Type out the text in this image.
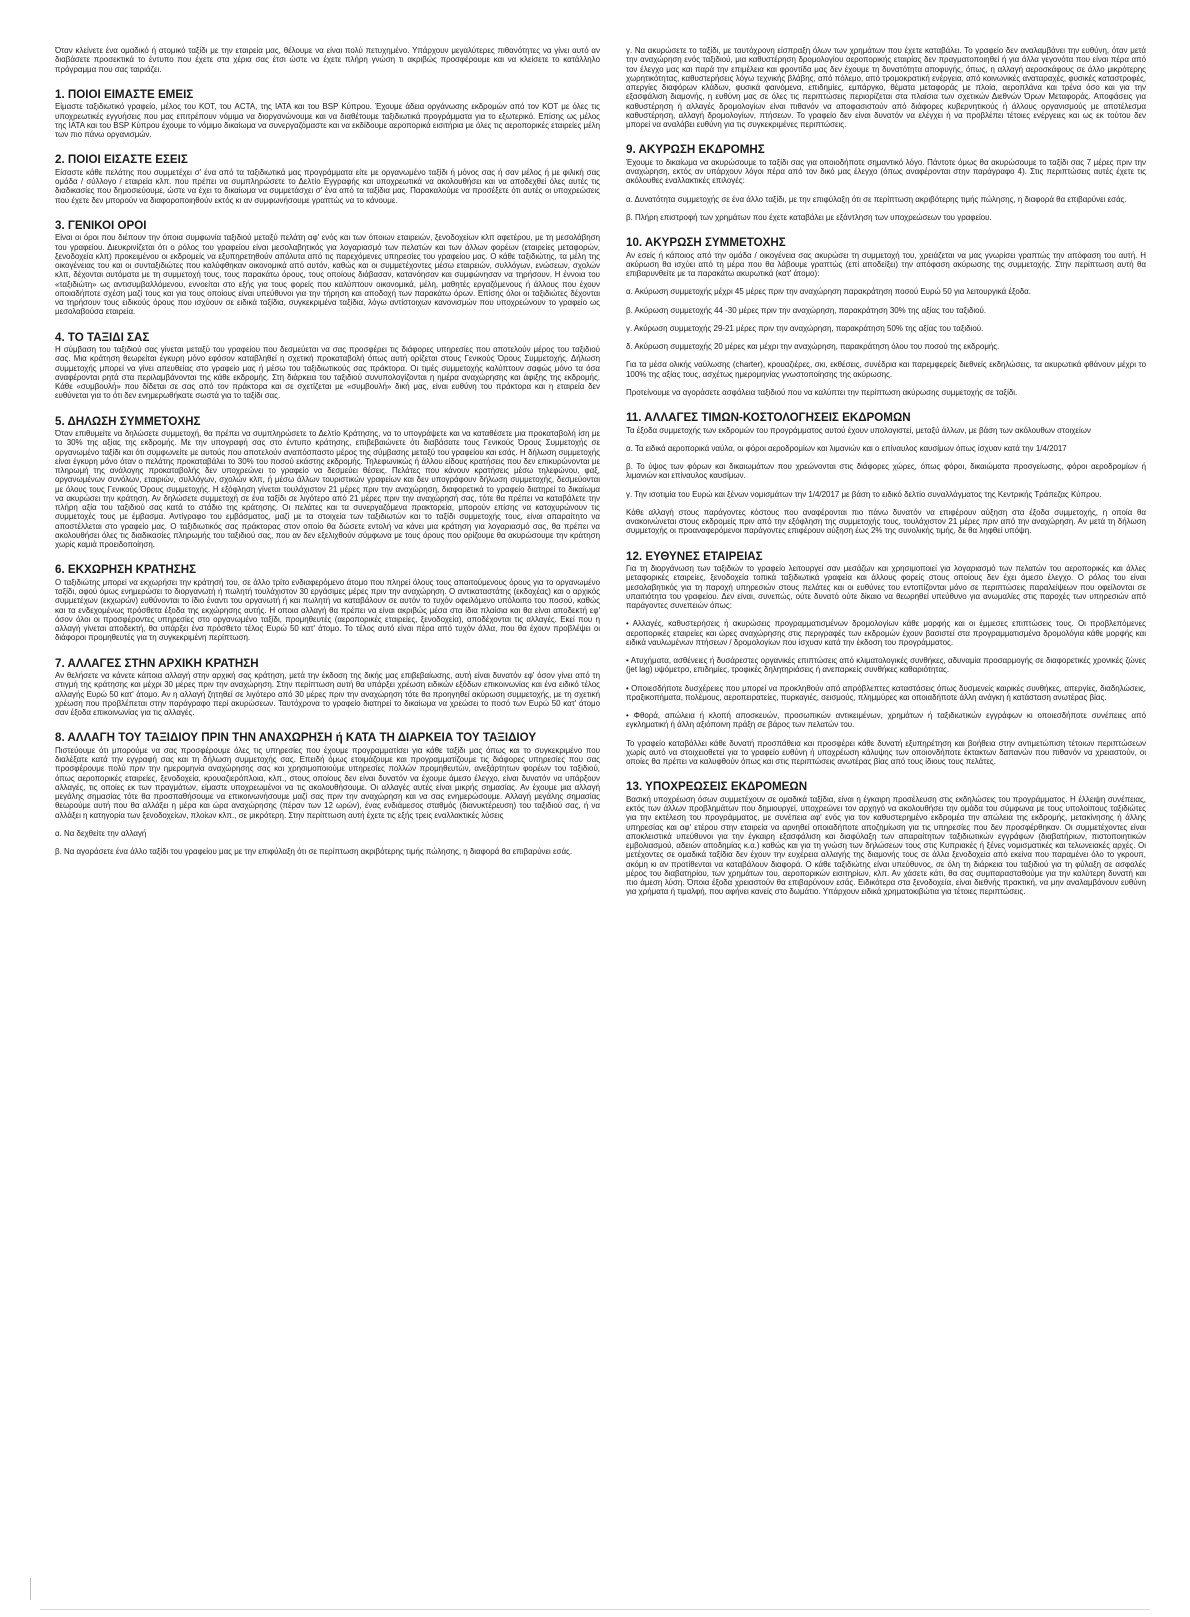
Όταν κλείνετε ένα ομαδικό ή ατομικό ταξίδι με την εταιρεία μας, θέλουμε να είναι πολύ πετυχημένο. Υπάρχουν μεγαλύτερες πιθανότητες να γίνει αυτό αν διαβάσετε προσεκτικά το έντυπο που έχετε στα χέρια σας έτσι ώστε να έχετε πλήρη γνώση τι ακριβώς προσφέρουμε και να κλείσετε το κατάλληλο πρόγραμμα που σας ταιριάζει.
1. ΠΟΙΟΙ ΕΙΜΑΣΤΕ ΕΜΕΙΣ
Είμαστε ταξιδιωτικό γραφείο, μέλος του ΚΟΤ, του ACTA, της IATA και του BSP Κύπρου. Έχουμε άδεια οργάνωσης εκδρομών από τον ΚΟΤ με όλες τις υποχρεωτικές εγγυήσεις που μας επιτρέπουν νόμιμα να διοργανώνουμε και να διαθέτουμε ταξιδιωτικά προγράμματα για το εξωτερικό. Επίσης ως μέλος της IATA και του BSP Κύπρου έχουμε το νόμιμο δικαίωμα να συνεργαζόμαστε και να εκδίδουμε αεροπορικά εισιτήρια με όλες τις αεροπορικές εταιρείες μέλη των πιο πάνω οργανισμών.
2. ΠΟΙΟΙ ΕΙΣΑΣΤΕ ΕΣΕΙΣ
Είσαστε κάθε πελάτης που συμμετέχει σ' ένα από τα ταξιδιωτικά μας προγράμματα είτε με οργανωμένο ταξίδι ή μόνος σας ή σαν μέλος ή με φιλική σας ομάδα / σύλλογο / εταιρεία κλπ. που πρέπει να συμπληρώσετε το Δελτίο Εγγραφής και υποχρεωτικά να ακολουθήσει και να αποδεχθεί όλες αυτές τις διαδικασίες που δημοσιεύουμε, ώστε να έχει το δικαίωμα να συμμετάσχει σ' ένα από τα ταξίδια μας. Παρακαλούμε να προσέξετε ότι αυτές οι υποχρεώσεις που έχετε δεν μπορούν να διαφοροποιηθούν εκτός κι αν συμφωνήσουμε γραπτώς να το κάνουμε.
3. ΓΕΝΙΚΟΙ ΟΡΟΙ
Είναι οι όροι που διέπουν την όποια συμφωνία ταξιδιού μεταξύ πελάτη αφ' ενός και των όποιων εταιρειών, ξενοδοχείων κλπ αφετέρου, με τη μεσολάβηση του γραφείου. Διευκρινίζεται ότι ο ρόλος του γραφείου είναι μεσολαβητικός για λογαριασμό των πελατών και των άλλων φορέων (εταιρείες μεταφορών, ξενοδοχεία κλπ) προκειμένου οι εκδρομείς να εξυπηρετηθούν απόλυτα από τις παρεχόμενες υπηρεσίες του γραφείου μας. Ο κάθε ταξιδιώτης, τα μέλη της οικογένειας του και οι συνταξιδιώτες που καλύφθηκαν οικονομικά από αυτόν, καθώς και οι συμμετέχοντες μέσω εταιρειών, συλλόγων, ενώσεων, σχολών κλπ, δέχονται αυτόματα με τη συμμετοχή τους, τους παρακάτω όρους, τους οποίους διάβασαν, κατανόησαν και συμφώνησαν να τηρήσουν. Η έννοια του «ταξιδιώτη» ως αντισυμβαλλόμενου, εννοείται στο εξής για τους φορείς που καλύπτουν οικονομικά, μέλη, μαθητές εργαζόμενους ή άλλους που έχουν οποιαδήποτε σχέση μαζί τους και για τους οποίους είναι υπεύθυνοι για την τήρηση και αποδοχή των παρακάτω όρων. Επίσης όλοι οι ταξιδιώτες δέχονται να τηρήσουν τους ειδικούς όρους που ισχύουν σε ειδικά ταξίδια, συγκεκριμένα ταξίδια, λόγω αντίστοιχων κανονισμών που υποχρεώνουν το γραφείο ως μεσολαβούσα εταιρεία.
4. ΤΟ ΤΑΞΙΔΙ ΣΑΣ
Η σύμβαση του ταξιδιού σας γίνεται μεταξύ του γραφείου που δεσμεύεται να σας προσφέρει τις διάφορες υπηρεσίες που αποτελούν μέρος του ταξιδιού σας. Μια κράτηση θεωρείται έγκυρη μόνο εφόσον καταβληθεί η σχετική προκαταβολή όπως αυτή ορίζεται στους Γενικούς Όρους Συμμετοχής. Δήλωση συμμετοχής μπορεί να γίνει απευθείας στο γραφείο μας ή μέσω του ταξιδιωτικούς σας πράκτορα. Οι τιμές συμμετοχής καλύπτουν σαφώς μόνο τα όσα αναφέρονται ρητά στα περιλαμβάνονται της κάθε εκδρομής. Στη διάρκεια του ταξιδιού συνυπολογίζονται η ημέρα αναχώρησης και άφιξης της εκδρομής. Κάθε «συμβουλή» που δίδεται σε σας από τον πράκτορα και σε σχετίζεται με «συμβουλή» δική μας, είναι ευθύνη του πράκτορα και η εταιρεία δεν ευθύνεται για το ότι δεν ενημερωθήκατε σωστά για το ταξίδι σας.
5. ΔΗΛΩΣΗ ΣΥΜΜΕΤΟΧΗΣ
Όταν επιθυμείτε να δηλώσετε συμμετοχή, θα πρέπει να συμπληρώσετε το Δελτίο Κράτησης, να το υπογράψετε και να καταθέσετε μια προκαταβολή ίση με το 30% της αξίας της εκδρομής. Με την υπογραφή σας στο έντυπο κράτησης, επιβεβαιώνετε ότι διαβάσατε τους Γενικούς Όρους Συμμετοχής σε οργανωμένο ταξίδι και ότι συμφωνείτε με αυτούς που αποτελούν αναπόσπαστο μέρος της σύμβασης μεταξύ του γραφείου και εσάς. Η δήλωση συμμετοχής είναι έγκυρη μόνο όταν ο πελάτης προκαταβάλει το 30% του ποσού εκάστης εκδρομής. Τηλεφωνικώς ή άλλου είδους κρατήσεις που δεν επικυρώνονται με πληρωμή της ανάλογης προκαταβολής δεν υποχρεώνει το γραφείο να δεσμεύει θέσεις. Πελάτες που κάνουν κρατήσεις μέσω τηλεφώνου, φαξ, οργανωμένων συνόλων, εταιριών, συλλόγων, σχολών κλπ, ή μέσω άλλων τουριστικών γραφείων και δεν υπογράφουν δήλωση συμμετοχής, δεσμεύονται με όλους τους Γενικούς Όρους συμμετοχής. Η εξόφληση γίνεται τουλάχιστον 21 μέρες πριν την αναχώρηση, διαφορετικά το γραφείο διατηρεί το δικαίωμα να ακυρώσει την κράτηση. Αν δηλώσετε συμμετοχή σε ένα ταξίδι σε λιγότερο από 21 μέρες πριν την αναχώρησή σας, τότε θα πρέπει να καταβάλετε την πλήρη αξία του ταξιδιού σας κατά το στάδιο της κράτησης. Οι πελάτες και τα συνεργαζόμενα πρακτορεία, μπορούν επίσης να κατοχυρώνουν τις συμμετοχές τους με έμβασμα. Αντίγραφο του εμβάσματος, μαζί με τα στοιχεία των ταξιδιωτών και το ταξίδι συμμετοχής τους, είναι απαραίτητο να αποστέλλεται στο γραφείο μας. Ο ταξιδιωτικός σας πράκτορας στον οποίο θα δώσετε εντολή να κάνει μια κράτηση για λογαριασμό σας, θα πρέπει να ακολουθήσει όλες τις διαδικασίες πληρωμής του ταξιδιού σας, που αν δεν εξελιχθούν σύμφωνα με τους όρους που ορίζουμε θα ακυρώσουμε την κράτηση χωρίς καμιά προειδοποίηση.
6. ΕΚΧΩΡΗΣΗ ΚΡΑΤΗΣΗΣ
Ο ταξιδιώτης μπορεί να εκχωρήσει την κράτησή του, σε άλλο τρίτο ενδιαφερόμενο άτομο που πληρεί όλους τους απαιτούμενους όρους για το οργανωμένο ταξίδι, αφού όμως ενημερώσει το διοργανωτή ή πωλητή τουλάχιστον 30 εργάσιμες μέρες πριν την αναχώρηση. Ο αντικαταστάτης (εκδοχέας) και ο αρχικός συμμετέχων (εκχωρών) ευθύνονται το ίδιο έναντι του οργανωτή ή και πωλητή να καταβάλουν σε αυτόν το τυχόν οφειλόμενο υπόλοιπο του ποσού, καθώς και τα ενδεχομένως πρόσθετα έξοδα της εκχώρησης αυτής. Η οποια αλλαγή θα πρέπει να είναι ακριβώς μέσα στα ίδια πλαίσια και θα είναι αποδεκτή εφ' όσον όλοι οι προσφέροντες υπηρεσίες στο οργανωμένο ταξίδι, προμηθευτές (αεροπορικές εταιρείες, ξενοδοχεία), αποδέχονται τις αλλαγές. Εκεί που η αλλαγή γίνεται αποδεκτή, θα υπάρξει ένα πρόσθετο τέλος Ευρώ 50 κατ' άτομο. Το τέλος αυτό είναι πέρα από τυχόν άλλα, που θα έχουν προβλέψει οι διάφοροι προμηθευτές για τη συγκεκριμένη περίπτωση.
7. ΑΛΛΑΓΕΣ ΣΤΗΝ ΑΡΧΙΚΗ ΚΡΑΤΗΣΗ
Αν θελήσετε να κάνετε κάποια αλλαγή στην αρχική σας κράτηση, μετά την έκδοση της δικής μας επιβεβαίωσης, αυτή είναι δυνατόν εφ' όσον γίνει από τη στιγμή της κράτησης και μέχρι 30 μέρες πριν την αναχώρηση. Στην περίπτωση αυτή θα υπάρξει χρέωση ειδικών εξόδων επικοινωνίας και ένα ειδικό τέλος αλλαγής Ευρώ 50 κατ' άτομο. Αν η αλλαγή ζητηθεί σε λιγότερο από 30 μέρες πριν την αναχώρηση τότε θα προηγηθεί ακύρωση συμμετοχής, με τη σχετική χρέωση που προβλέπεται στην παράγραφο περί ακυρώσεων. Ταυτόχρονα το γραφείο διατηρεί το δικαίωμα να χρεώσει το ποσό των Ευρώ 50 κατ' άτομο σαν έξοδα επικοινωνίας για τις αλλαγές.
8. ΑΛΛΑΓΗ ΤΟΥ ΤΑΞΙΔΙΟΥ ΠΡΙΝ ΤΗΝ ΑΝΑΧΩΡΗΣΗ ή ΚΑΤΑ ΤΗ ΔΙΑΡΚΕΙΑ ΤΟΥ ΤΑΞΙΔΙΟΥ
Πιστεύουμε ότι μπορούμε να σας προσφέρουμε όλες τις υπηρεσίες που έχουμε προγραμματίσει για κάθε ταξίδι μας όπως και το συγκεκριμένο που διαλέξατε κατά την εγγραφή σας και τη δήλωση συμμετοχής σας. Επειδή όμως ετοιμάζουμε και προγραμματίζουμε τις διάφορες υπηρεσίες που σας προσφέρουμε πολύ πριν την ημερομηνία αναχώρησης σας και χρησιμοποιούμε υπηρεσίες πολλών προμηθευτών, ανεξάρτητων φορέων του ταξιδιού, όπως αεροπορικές εταιρείες, ξενοδοχεία, κρουαζιερόπλοια, κλπ., στους οποίους δεν είναι δυνατόν να έχουμε άμεσο έλεγχο, είναι δυνατόν να υπάρξουν αλλαγές, τις οποίες εκ των πραγμάτων, είμαστε υποχρεωμένοι να τις ακολουθήσουμε. Οι αλλαγές αυτές είναι μικρής σημασίας. Αν έχουμε μια αλλαγή μεγάλης σημασίας τότε θα προσπαθήσουμε να επικοινωνήσουμε μαζί σας πριν την αναχώρηση και να σας ενημερώσουμε. Αλλαγή μεγάλης σημασίας θεωρούμε αυτή που θα αλλάξει η μέρα και ώρα αναχώρησης (πέραν των 12 ωρών), ένας ενδιάμεσος σταθμός (διανυκτέρευση) του ταξιδιού σας, ή να αλλάξει η κατηγορία των ξενοδοχείων, πλοίων κλπ., σε μικρότερη. Στην περίπτωση αυτή έχετε τις εξής τρεις εναλλακτικές λύσεις
α. Να δεχθείτε την αλλαγή
β. Να αγοράσετε ένα άλλο ταξίδι του γραφείου μας με την επιφύλαξη ότι σε περίπτωση ακριβότερης τιμής πώλησης, η διαφορά θα επιβαρύνει εσάς.
γ. Να ακυρώσετε το ταξίδι, με ταυτόχρονη είσπραξη όλων των χρημάτων που έχετε καταβάλει. Το γραφείο δεν αναλαμβάνει την ευθύνη, όταν μετά την αναχώρηση ενός ταξιδιού, μια καθυστέρηση δρομολογίου αεροπορικής εταιρίας δεν πραγματοποιηθεί ή για άλλα γεγονότα που είναι πέρα από τον έλεγχο μας και παρά την επιμέλεια και φροντίδα μας δεν έχουμε τη δυνατότητα αποφυγής, όπως, η αλλαγή αεροσκάφους σε άλλο μικρότερης χωρητικότητας, καθυστερήσεις λόγω τεχνικής βλάβης, από πόλεμο, από τρομοκρατική ενέργεια, από κοινωνικές αναταραχές, φυσικές καταστροφές, απεργίες διαφόρων κλάδων, φυσικά φαινόμενα, επιδημίες, εμπάργκο, θέματα μεταφοράς με πλοία, αεροπλάνα και τρένα όσο και για την εξασφάλιση διαμονής, η ευθύνη μας σε όλες τις περιπτώσεις περιορίζεται στα πλαίσια των σχετικών Διεθνών Όρων Μεταφοράς. Αποφάσεις για καθυστέρηση ή αλλαγές δρομολογίων είναι πιθανόν να αποφασιστούν από διάφορες κυβερνητικούς ή άλλους οργανισμούς με αποτέλεσμα καθυστέρηση, αλλαγή δρομολογίων, πτήσεων. Το γραφείο δεν είναι δυνατόν να ελέγχει ή να προβλέπει τέτοιες ενέργειες και ως εκ τούτου δεν μπορεί να αναλάβει ευθύνη για τις συγκεκριμένες περιπτώσεις.
9. ΑΚΥΡΩΣΗ ΕΚΔΡΟΜΗΣ
Έχουμε το δικαίωμα να ακυρώσουμε το ταξίδι σας για οποιοδήποτε σημαντικό λόγο. Πάντοτε όμως θα ακυρώσουμε το ταξίδι σας 7 μέρες πριν την αναχώρηση, εκτός αν υπάρχουν λόγοι πέρα από τον δικό μας έλεγχο (όπως αναφέρονται στην παράγραφο 4). Στις περιπτώσεις αυτές έχετε τις ακόλουθες εναλλακτικές επιλογές:
α. Δυνατότητα συμμετοχής σε ένα άλλο ταξίδι, με την επιφύλαξη ότι σε περίπτωση ακριβότερης τιμής πώλησης, η διαφορά θα επιβαρύνει εσάς.
β. Πλήρη επιστροφή των χρημάτων που έχετε καταβάλει με εξάντληση των υποχρεώσεων του γραφείου.
10. ΑΚΥΡΩΣΗ ΣΥΜΜΕΤΟΧΗΣ
Αν εσείς ή κάποιος από την ομάδα / οικογένεια σας ακυρώσει τη συμμετοχή του, χρειάζεται να μας γνωρίσει γραπτώς την απόφαση του αυτή. Η ακύρωση θα ισχύει από τη μέρα που θα λάβουμε γραπτώς (επί αποδείξει) την απόφαση ακύρωσης της συμμετοχής. Στην περίπτωση αυτή θα επιβαρυνθείτε με τα παρακάτω ακυρωτικά (κατ' άτομο):
α. Ακύρωση συμμετοχής μέχρι 45 μέρες πριν την αναχώρηση παρακράτηση ποσού Ευρώ 50 για λειτουργικά έξοδα.
β. Ακύρωση συμμετοχής 44 -30 μέρες πριν την αναχώρηση, παρακράτηση 30% της αξίας του ταξιδιού.
γ. Ακύρωση συμμετοχής 29-21 μέρες πριν την αναχώρηση, παρακράτηση 50% της αξίας του ταξιδιού.
δ. Ακύρωση συμμετοχής 20 μέρες και μέχρι την αναχώρηση, παρακράτηση όλου του ποσού της εκδρομής.
Για τα μέσα ολικής ναύλωσης (charter), κρουαζιέρες, σκι, εκθέσεις, συνέδρια και παρεμφερείς διεθνείς εκδηλώσεις, τα ακυρωτικά φθάνουν μέχρι το 100% της αξίας τους, ασχέτως ημερομηνίας γνωστοποίησης της ακύρωσης.
Προτείνουμε να αγοράσετε ασφάλεια ταξιδιού που να καλύπτει την περίπτωση ακύρωσης συμμετοχής σε ταξίδι.
11. ΑΛΛΑΓΕΣ ΤΙΜΩΝ-ΚΟΣΤΟΛΟΓΗΣΕΙΣ ΕΚΔΡΟΜΩΝ
Τα έξοδα συμμετοχής των εκδρομών του προγράμματος αυτού έχουν υπολογιστεί, μεταξύ άλλων, με βάση των ακόλουθων στοιχείων
α. Τα ειδικά αεροπορικά ναύλα, οι φόροι αεροδρομίων και λιμανιών και ο επίναυλος καυσίμων όπως ίσχυαν κατά την 1/4/2017
β. Το ύψος των φόρων και δικαιωμάτων που χρεώνονται στις διάφορες χώρες, όπως φόροι, δικαιώματα προσγείωσης, φόροι αεροδρομίων ή λιμανιών και επίναυλος καυσίμων.
γ. Την ισοτιμία του Ευρώ και ξένων νομισμάτων την 1/4/2017 με βάση το ειδικό δελτίο συναλλάγματος της Κεντρικής Τράπεζας Κύπρου.
Κάθε αλλαγή στους παράγοντες κόστους που αναφέρονται πιο πάνω δυνατόν να επιφέρουν αύξηση στα έξοδα συμμετοχής, η οποία θα ανακοινώνεται στους εκδρομείς πριν από την εξόφληση της συμμετοχής τους, τουλάχιστον 21 μέρες πριν από την αναχώρηση. Αν μετά τη δήλωση συμμετοχής οι προαναφερόμενοι παράγοντες επιφέρουν αύξηση έως 2% της συνολικής τιμής, δε θα ληφθεί υπόψη.
12. ΕΥΘΥΝΕΣ ΕΤΑΙΡΕΙΑΣ
Για τη διοργάνωση των ταξιδιών το γραφείο λειτουργεί σαν μεσάζων και χρησιμοποιεί για λογαριασμό των πελατών του αεροπορικές και άλλες μεταφορικές εταιρείες, ξενοδοχεία τοπικά ταξιδιωτικά γραφεία και άλλους φορείς στους οποίους δεν έχει άμεσο έλεγχο. Ο ρόλος του είναι μεσολαβητικός για τη παροχή υπηρεσιών στους πελάτες και οι ευθύνες του εντοπίζονται μόνο σε περιπτώσεις παραλείψεων που οφείλονται σε υπαιτιότητα του γραφείου. Δεν είναι, συνεπώς, ούτε δυνατό ούτε δίκαιο να θεωρηθεί υπεύθυνο για ανωμαλίες στις παροχές των υπηρεσιών από παράγοντες συνεπειών όπως:
• Αλλαγές, καθυστερήσεις ή ακυρώσεις προγραμματισμένων δρομολογίων κάθε μορφής και οι έμμεσες επιπτώσεις τους. Οι προβλεπόμενες αεροπορικές εταιρείες και ώρες αναχώρησης στις περιγραφές των εκδρομών έχουν βασιστεί στα προγραμματισμένα δρομολόγια κάθε μορφής και ειδικά ναυλωμένων πτήσεων / δρομολογίων που ίσχυαν κατά την έκδοση του προγράμματος.
• Ατυχήματα, ασθένειες ή δυσάρεστες οργανικές επιπτώσεις από κλιματολογικές συνθήκες, αδυναμία προσαρμογής σε διαφορετικές χρονικές ζώνες (jet lag) υψόμετρο, επιδημίες, τροφικές δηλητηριάσεις ή ανεπαρκείς συνθήκες καθαριότητας.
• Οποιεσδήποτε δυσχέρειες που μπορεί να προκληθούν από απρόβλεπτες καταστάσεις όπως δυσμενείς καιρικές συνθήκες, απεργίες, διαδηλώσεις, πραξικοπήματα, πολέμους, αεροπειρατείες, πυρκαγιές, σεισμούς, πλημμύρες και οποιαδήποτε άλλη ανάγκη ή κατάσταση ανωτέρας βίας.
• Φθορά, απώλεια ή κλοπή αποσκευών, προσωπικών αντικειμένων, χρημάτων ή ταξιδιωτικών εγγράφων κι οποιεσδήποτε συνέπειες από εγκληματική ή άλλη αξιόποινη πράξη σε βάρος των πελατών του.
Το γραφείο καταβάλλει κάθε δυνατή προσπάθεια και προσφέρει κάθε δυνατή εξυπηρέτηση και βοήθεια στην αντιμετώπιση τέτοιων περιπτώσεων χωρίς αυτό να στοιχειοθετεί για το γραφείο ευθύνη ή υποχρέωση κάλυψης των οποιονδήποτε έκτακτων δαπανών που πιθανόν να χρειαστούν, οι οποίες θα πρέπει να καλυφθούν όπως και στις περιπτώσεις ανωτέρας βίας από τους ίδιους τους πελάτες.
13. ΥΠΟΧΡΕΩΣΕΙΣ ΕΚΔΡΟΜΕΩΝ
Βασική υποχρέωση όσων συμμετέχουν σε ομαδικά ταξίδια, είναι η έγκαιρη προσέλευση στις εκδηλώσεις του προγράμματος. Η έλλειψη συνέπειας, εκτός των άλλων προβλημάτων που δημιουργεί, υποχρεώνει τον αρχηγό να ακολουθήσει την ομάδα του σύμφωνα με τους υπολοίπους ταξιδιώτες για την εκτέλεση του προγράμματος, με συνέπεια αφ' ενός για τον καθυστερημένο εκδρομέα την απώλεια της εκδρομής, μετακίνησης ή άλλης υπηρεσίας και αφ' ετέρου στην εταιρεία να αρνηθεί οποιαδήποτε αποζημίωση για τις υπηρεσίες που δεν προσφέρθηκαν. Οι συμμετέχοντες είναι αποκλειστικά υπεύθυνοι για την έγκαιρη εξασφάλιση και διαφύλαξη των απαραίτητων ταξιδιωτικών εγγράφων (διαβατήριων, πιστοποιητικών εμβολιασμού, αδειών αποδημίας κ.α.) καθώς και για τη γνώση των δηλώσεων τους στις Κυπριακές ή ξένες νομισματικές και τελωνειακές αρχές. Οι μετέχοντες σε ομαδικά ταξίδια δεν έχουν την ευχέρεια αλλαγής της διαμονής τους σε άλλα ξενοδοχεία από εκείνα που παραμένει όλο το γκρουπ, ακόμη κι αν προτίθενται να καταβάλουν διαφορά. Ο κάθε ταξιδιώτης είναι υπεύθυνος, σε όλη τη διάρκεια του ταξιδιού για τη φύλαξη σε ασφαλές μέρος του διαβατηρίου, των χρημάτων του, αεροπορικών εισιτηρίων, κλπ. Αν χάσετε κάτι, θα σας συμπαρασταθούμε για την καλύτερη δυνατή και πιο άμεση λύση. Όποια έξοδα χρειαστούν θα επιβαρύνουν εσάς. Ειδικότερα στα ξενοδοχεία, είναι διεθνής πρακτική, να μην αναλαμβάνουν ευθύνη για χρήματα ή τιμαλφή, που αφήνει κανείς στο δωμάτιο. Υπάρχουν ειδικά χρηματοκιβώτια για τέτοιες περιπτώσεις.
